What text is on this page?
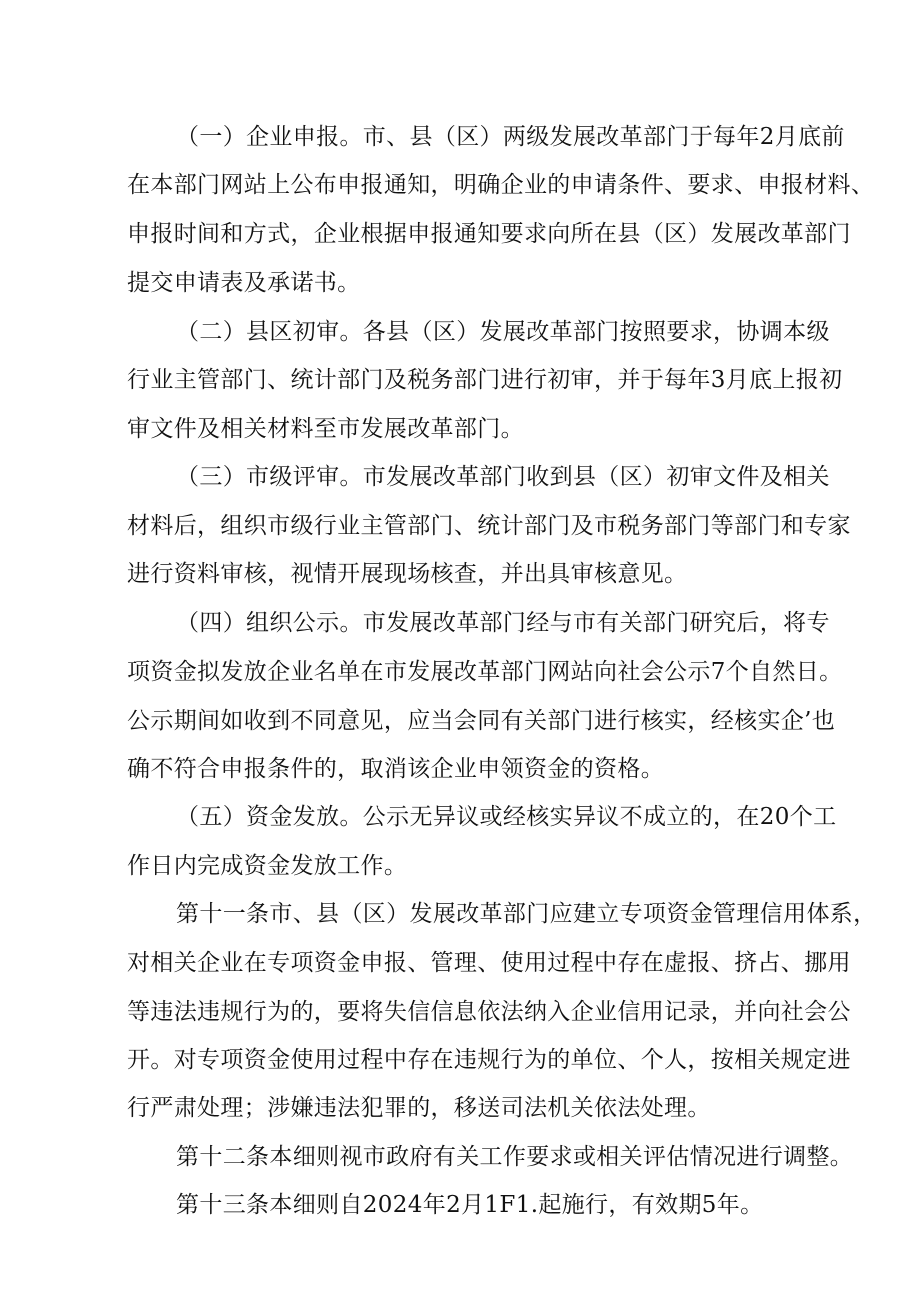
（一）企业申报。市、县（区）两级发展改革部门于每年2月底前
在本部门网站上公布申报通知，明确企业的申请条件、要求、申报材料、
申报时间和方式，企业根据申报通知要求向所在县（区）发展改革部门
提交申请表及承诺书。
（二）县区初审。各县（区）发展改革部门按照要求，协调本级
行业主管部门、统计部门及税务部门进行初审，并于每年3月底上报初
审文件及相关材料至市发展改革部门。
（三）市级评审。市发展改革部门收到县（区）初审文件及相关
材料后，组织市级行业主管部门、统计部门及市税务部门等部门和专家
进行资料审核，视情开展现场核查，并出具审核意见。
（四）组织公示。市发展改革部门经与市有关部门研究后，将专
项资金拟发放企业名单在市发展改革部门网站向社会公示7个自然日。
公示期间如收到不同意见，应当会同有关部门进行核实，经核实企’也
确不符合申报条件的，取消该企业申领资金的资格。
（五）资金发放。公示无异议或经核实异议不成立的，在20个工
作日内完成资金发放工作。
第十一条市、县（区）发展改革部门应建立专项资金管理信用体系，
对相关企业在专项资金申报、管理、使用过程中存在虚报、挤占、挪用
等违法违规行为的，要将失信信息依法纳入企业信用记录，并向社会公
开。对专项资金使用过程中存在违规行为的单位、个人，按相关规定进
行严肃处理；涉嫌违法犯罪的，移送司法机关依法处理。
第十二条本细则视市政府有关工作要求或相关评估情况进行调整。
第十三条本细则自2024年2月1F1.起施行，有效期5年。
